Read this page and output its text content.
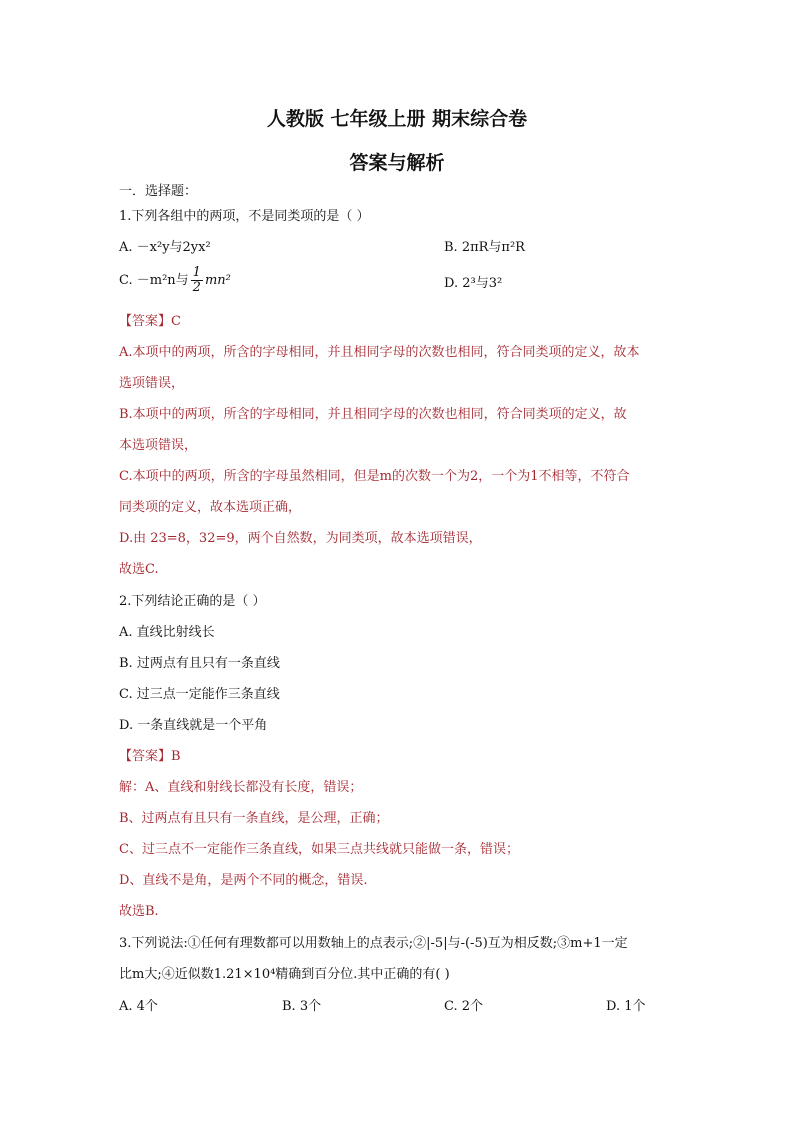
人教版 七年级上册 期末综合卷
答案与解析
一．选择题：
1.下列各组中的两项，不是同类项的是（ ）
A. －x²y与2yx²	B. 2πR与π²R
C. －m²n与 $\frac{1}{2} mn^2$	D. 2³与3²
【答案】C
A.本项中的两项，所含的字母相同，并且相同字母的次数也相同，符合同类项的定义，故本
选项错误，
B.本项中的两项，所含的字母相同，并且相同字母的次数也相同，符合同类项的定义，故
本选项错误，
C.本项中的两项，所含的字母虽然相同，但是m的次数一个为2，一个为1不相等，不符合
同类项的定义，故本选项正确，
D.由 23=8，32=9，两个自然数，为同类项，故本选项错误，
故选C.
2.下列结论正确的是（ ）
A. 直线比射线长
B. 过两点有且只有一条直线
C. 过三点一定能作三条直线
D. 一条直线就是一个平角
【答案】B
解：A、直线和射线长都没有长度，错误；
B、过两点有且只有一条直线，是公理，正确；
C、过三点不一定能作三条直线，如果三点共线就只能做一条，错误；
D、直线不是角，是两个不同的概念，错误.
故选B.
3.下列说法:①任何有理数都可以用数轴上的点表示;②|-5|与-(-5)互为相反数;③m+1一定
比m大;④近似数1.21×10⁴精确到百分位.其中正确的有( )
A. 4个	B. 3个	C. 2个	D. 1个
